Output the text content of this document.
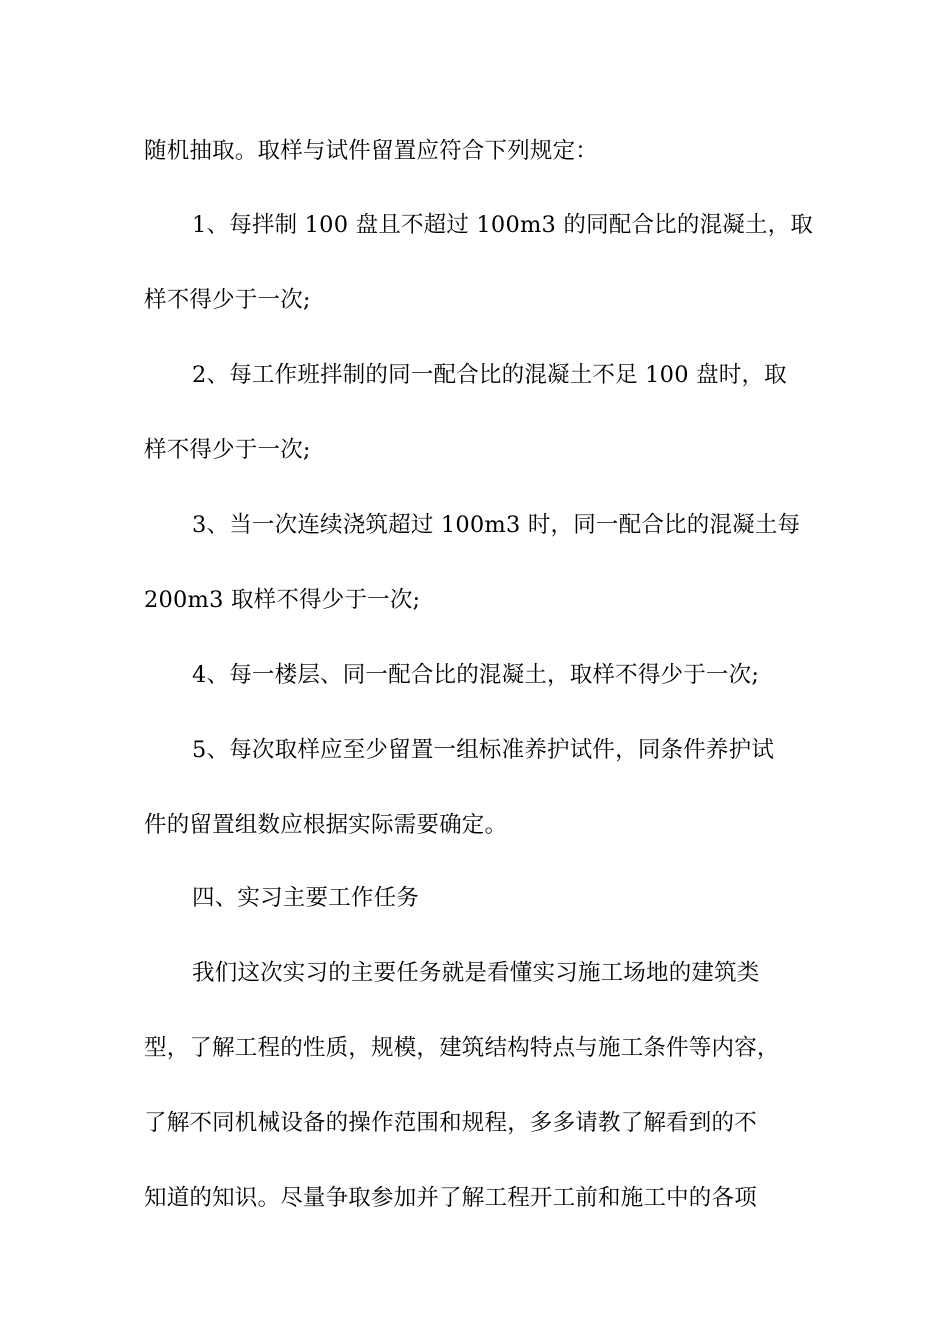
随机抽取。取样与试件留置应符合下列规定：
1、每拌制 100 盘且不超过 100m3 的同配合比的混凝土，取
样不得少于一次;
2、每工作班拌制的同一配合比的混凝土不足 100 盘时，取
样不得少于一次;
3、当一次连续浇筑超过 100m3 时，同一配合比的混凝土每
200m3 取样不得少于一次;
4、每一楼层、同一配合比的混凝土，取样不得少于一次;
5、每次取样应至少留置一组标准养护试件，同条件养护试
件的留置组数应根据实际需要确定。
四、实习主要工作任务
我们这次实习的主要任务就是看懂实习施工场地的建筑类
型，了解工程的性质，规模，建筑结构特点与施工条件等内容，
了解不同机械设备的操作范围和规程，多多请教了解看到的不
知道的知识。尽量争取参加并了解工程开工前和施工中的各项
